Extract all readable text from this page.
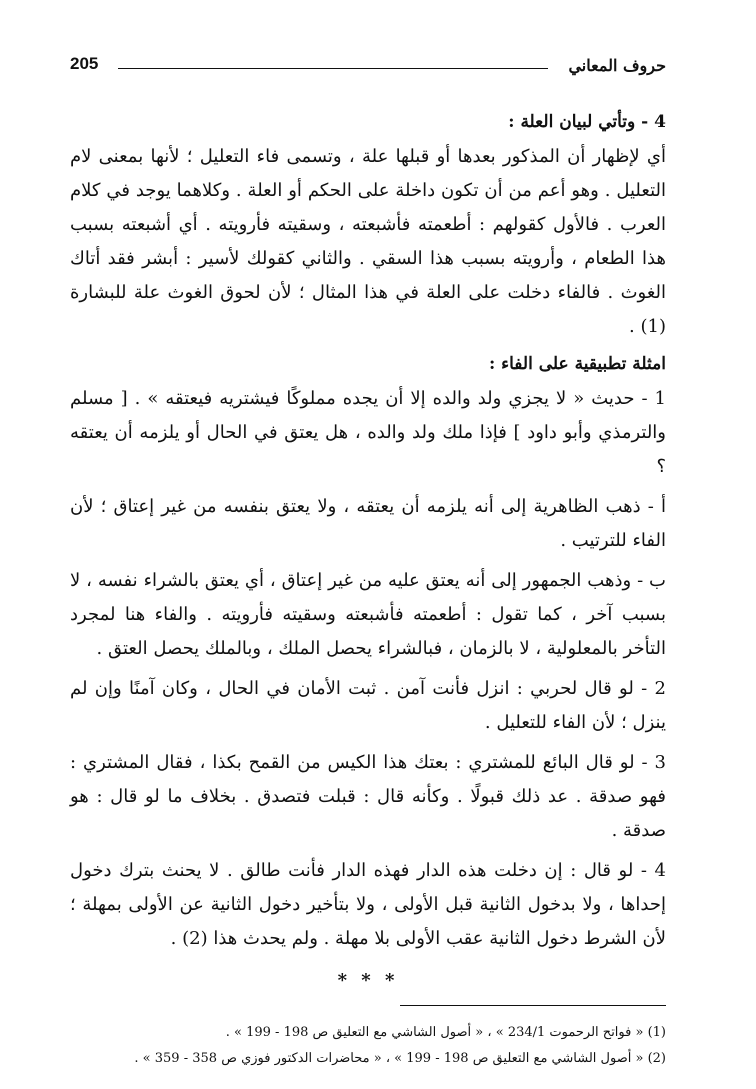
حروف المعاني
205
4 - وتأتي لبيان العلة :

أي لإظهار أن المذكور بعدها أو قبلها علة ، وتسمى فاء التعليل ؛ لأنها بمعنى لام التعليل . وهو أعم من أن تكون داخلة على الحكم أو العلة . وكلاهما يوجد في كلام العرب . فالأول كقولهم : أطعمته فأشبعته ، وسقيته فأرويته . أي أشبعته بسبب هذا الطعام ، وأرويته بسبب هذا السقي . والثاني كقولك لأسير : أبشر فقد أتاك الغوث . فالفاء دخلت على العلة في هذا المثال ؛ لأن لحوق الغوث علة للبشارة (1) .

امثلة تطبيقية على الفاء :

1 - حديث « لا يجزي ولد والده إلا أن يجده مملوكًا فيشتريه فيعتقه » . [ مسلم والترمذي وأبو داود ] فإذا ملك ولد والده ، هل يعتق في الحال أو يلزمه أن يعتقه ؟

أ - ذهب الظاهرية إلى أنه يلزمه أن يعتقه ، ولا يعتق بنفسه من غير إعتاق ؛ لأن الفاء للترتيب .

ب - وذهب الجمهور إلى أنه يعتق عليه من غير إعتاق ، أي يعتق بالشراء نفسه ، لا بسبب آخر ، كما تقول : أطعمته فأشبعته وسقيته فأرويته . والفاء هنا لمجرد التأخر بالمعلولية ، لا بالزمان ، فبالشراء يحصل الملك ، وبالملك يحصل العتق .

2 - لو قال لحربي : انزل فأنت آمن . ثبت الأمان في الحال ، وكان آمنًا وإن لم ينزل ؛ لأن الفاء للتعليل .

3 - لو قال البائع للمشتري : بعتك هذا الكيس من القمح بكذا ، فقال المشتري : فهو صدقة . عد ذلك قبولًا . وكأنه قال : قبلت فتصدق . بخلاف ما لو قال : هو صدقة .

4 - لو قال : إن دخلت هذه الدار فهذه الدار فأنت طالق . لا يحنث بترك دخول إحداها ، ولا بدخول الثانية قبل الأولى ، ولا بتأخير دخول الثانية عن الأولى بمهلة ؛ لأن الشرط دخول الثانية عقب الأولى بلا مهلة . ولم يحدث هذا (2) .

* * *
(1) « فواتح الرحموت 234/1 » ، « أصول الشاشي مع التعليق ص 198 - 199 » .
(2) « أصول الشاشي مع التعليق ص 198 - 199 » ، « محاضرات الدكتور فوزي ص 358 - 359 » .
